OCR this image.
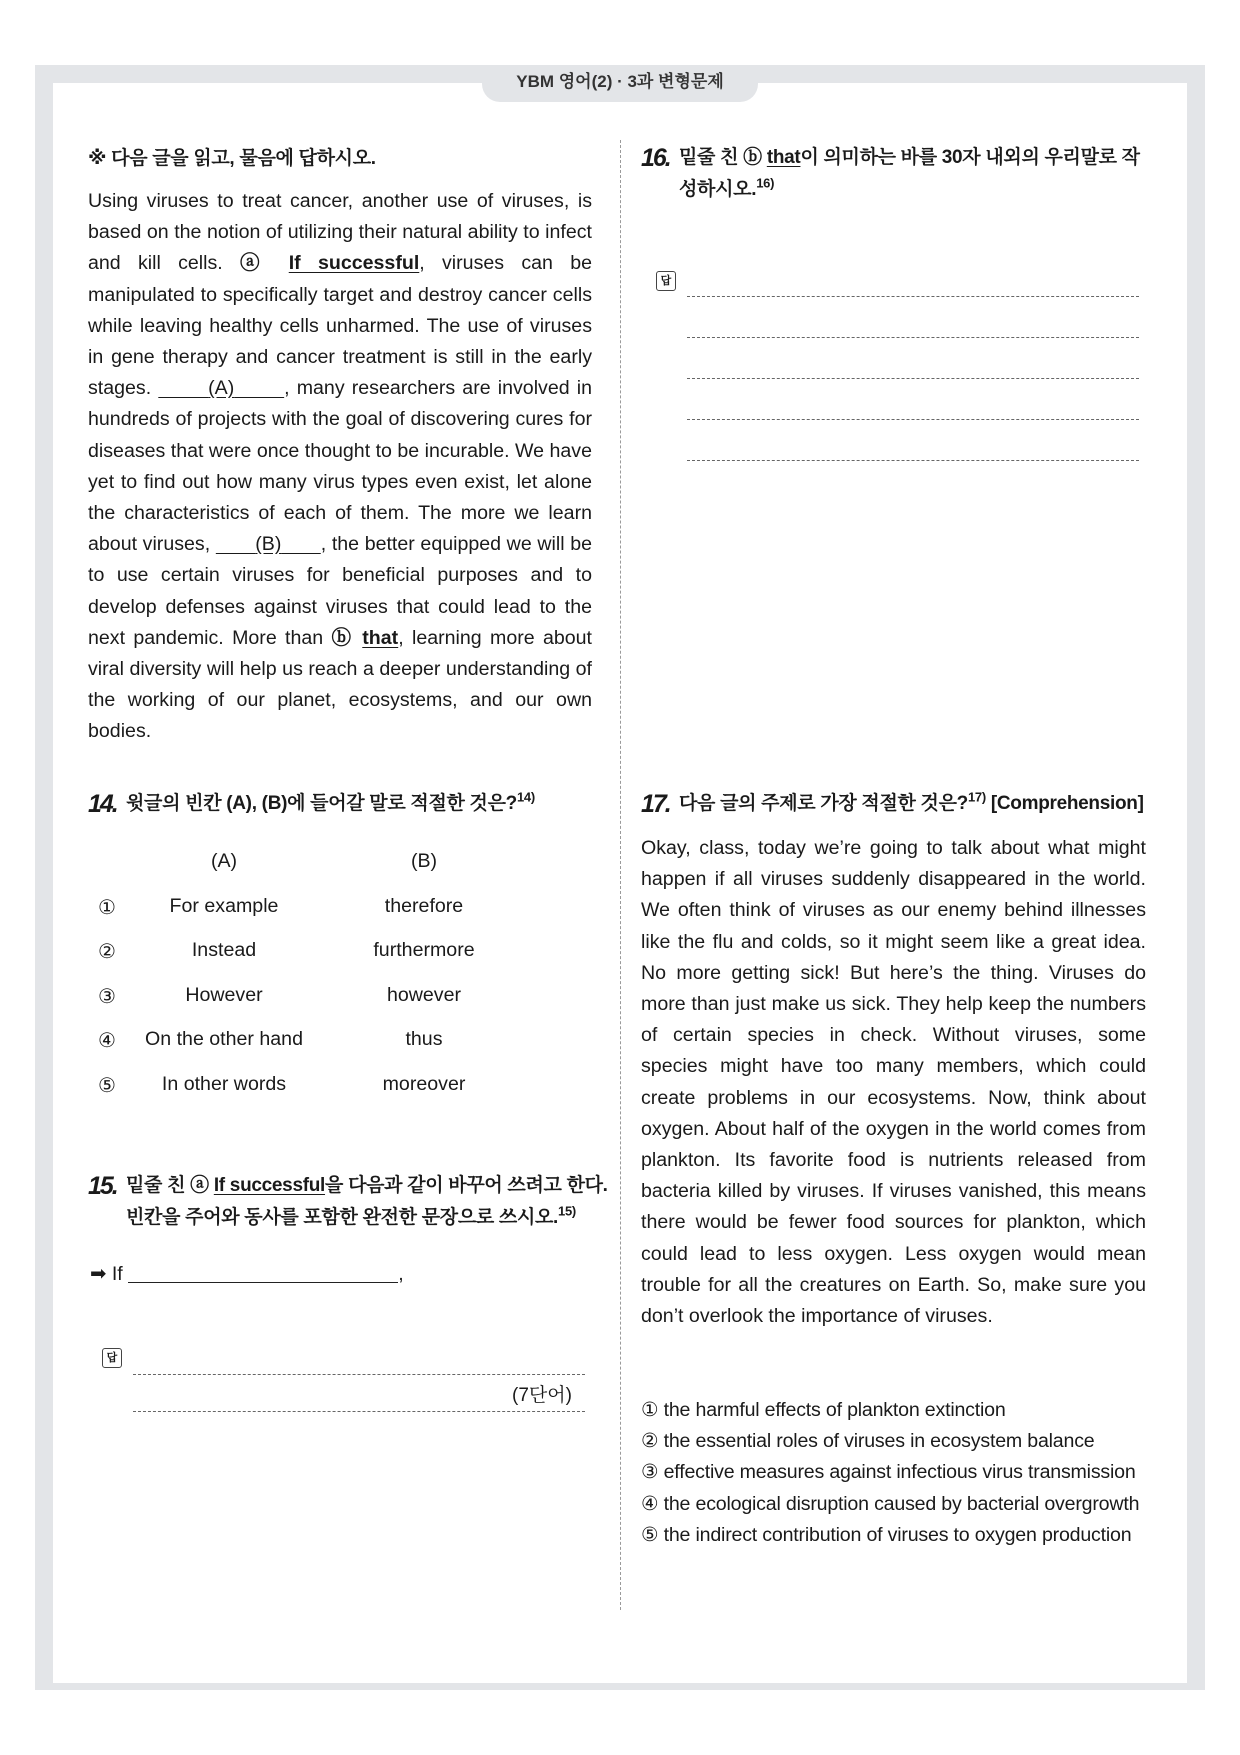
YBM 영어(2) · 3과 변형문제
※ 다음 글을 읽고, 물음에 답하시오.
Using viruses to treat cancer, another use of viruses, is based on the notion of utilizing their natural ability to infect and kill cells. ⓐ If successful, viruses can be manipulated to specifically target and destroy cancer cells while leaving healthy cells unharmed. The use of viruses in gene therapy and cancer treatment is still in the early stages.	(A)	, many researchers are involved in hundreds of projects with the goal of discovering cures for diseases that were once thought to be incurable. We have yet to find out how many virus types even exist, let alone the characteristics of each of them. The more we learn about viruses,        (B) , the better equipped we will be to use certain viruses for beneficial purposes and to develop defenses against viruses that could lead to the next pandemic. More than ⓑ that, learning more about viral diversity will help us reach a deeper understanding of the working of our planet, ecosystems, and our own bodies.
14. 윗글의 빈칸 (A), (B)에 들어갈 말로 적절한 것은?$^{14)}$
(A)	(B)
①	For example	therefore
②	Instead	furthermore
③	However	however
④	On the other hand	thus
⑤	In other words	moreover
15. 밑줄 친 ⓐ If successful을 다음과 같이 바꾸어 쓰려고 한다.
빈칸을 주어와 동사를 포함한 완전한 문장으로 쓰시오.$^{15)}$
➡ If	,
답
(7단어)
16. 밑줄 친 ⓑ that이 의미하는 바를 30자 내외의 우리말로 작
성하시오.$^{16)}$
답
17. 다음 글의 주제로 가장 적절한 것은?$^{17)}$ [Comprehension]
Okay, class, today we’re going to talk about what might happen if all viruses suddenly disappeared in the world. We often think of viruses as our enemy behind illnesses like the flu and colds, so it might seem like a great idea. No more getting sick! But here’s the thing. Viruses do more than just make us sick. They help keep the numbers of certain species in check. Without viruses, some species might have too many members, which could create problems in our ecosystems. Now, think about oxygen. About half of the oxygen in the world comes from plankton. Its favorite food is nutrients released from bacteria killed by viruses. If viruses vanished, this means there would be fewer food sources for plankton, which could lead to less oxygen. Less oxygen would mean trouble for all the creatures on Earth. So, make sure you don’t overlook the importance of viruses.
① the harmful effects of plankton extinction
② the essential roles of viruses in ecosystem balance
③ effective measures against infectious virus transmission
④ the ecological disruption caused by bacterial overgrowth
⑤ the indirect contribution of viruses to oxygen production
